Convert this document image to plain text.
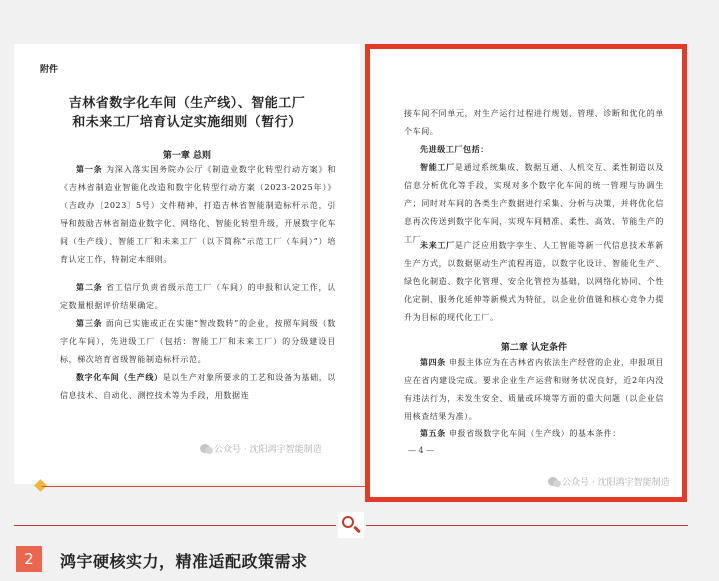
附件
吉林省数字化车间（生产线）、智能工厂
和未来工厂培育认定实施细则（暂行）
第一章 总则

第一条 为深入落实国务院办公厅《制造业数字化转型行动方案》和《吉林省制造业智能化改造和数字化转型行动方案（2023-2025年）》（吉政办〔2023〕5号）文件精神，打造吉林省智能制造标杆示范，引导和鼓励吉林省制造业数字化、网络化、智能化转型升级，开展数字化车间（生产线）、智能工厂和未来工厂（以下简称“示范工厂（车间）”）培育认定工作，特制定本细则。

第二条 省工信厅负责省级示范工厂（车间）的申报和认定工作，认定数量根据评价结果确定。

第三条 面向已实施或正在实施“智改数转”的企业，按照车间级（数字化车间），先进级工厂（包括：智能工厂和未来工厂）的分级建设目标，梯次培育省级智能制造标杆示范。

数字化车间（生产线）是以生产对象所要求的工艺和设备为基础，以信息技术、自动化、测控技术等为手段，用数据连

公众号 · 沈阳鸿宇智能制造

接车间不同单元，对生产运行过程进行规划、管理、诊断和优化的单个车间。

先进级工厂包括：

智能工厂是通过系统集成、数据互通、人机交互、柔性制造以及信息分析优化等手段，实现对多个数字化车间的统一管理与协调生产；同时对车间的各类生产数据进行采集、分析与决策，并将优化信息再次传送到数字化车间，实现车间精准、柔性、高效、节能生产的工厂。

未来工厂是广泛应用数字孪生、人工智能等新一代信息技术革新生产方式，以数据驱动生产流程再造，以数字化设计、智能化生产、绿色化制造、数字化管理、安全化管控为基础，以网络化协同、个性化定制、服务化延伸等新模式为特征，以企业价值链和核心竞争力提升为目标的现代化工厂。

第二章 认定条件

第四条 申报主体应为在吉林省内依法生产经营的企业，申报项目应在省内建设完成。要求企业生产运营和财务状况良好，近2年内没有违法行为，未发生安全、质量或环境等方面的重大问题（以企业信用核查结果为准）。

第五条 申报省级数字化车间（生产线）的基本条件：

— 4 —
公众号 · 沈阳鸿宇智能制造
2	鸿宇硬核实力，精准适配政策需求
